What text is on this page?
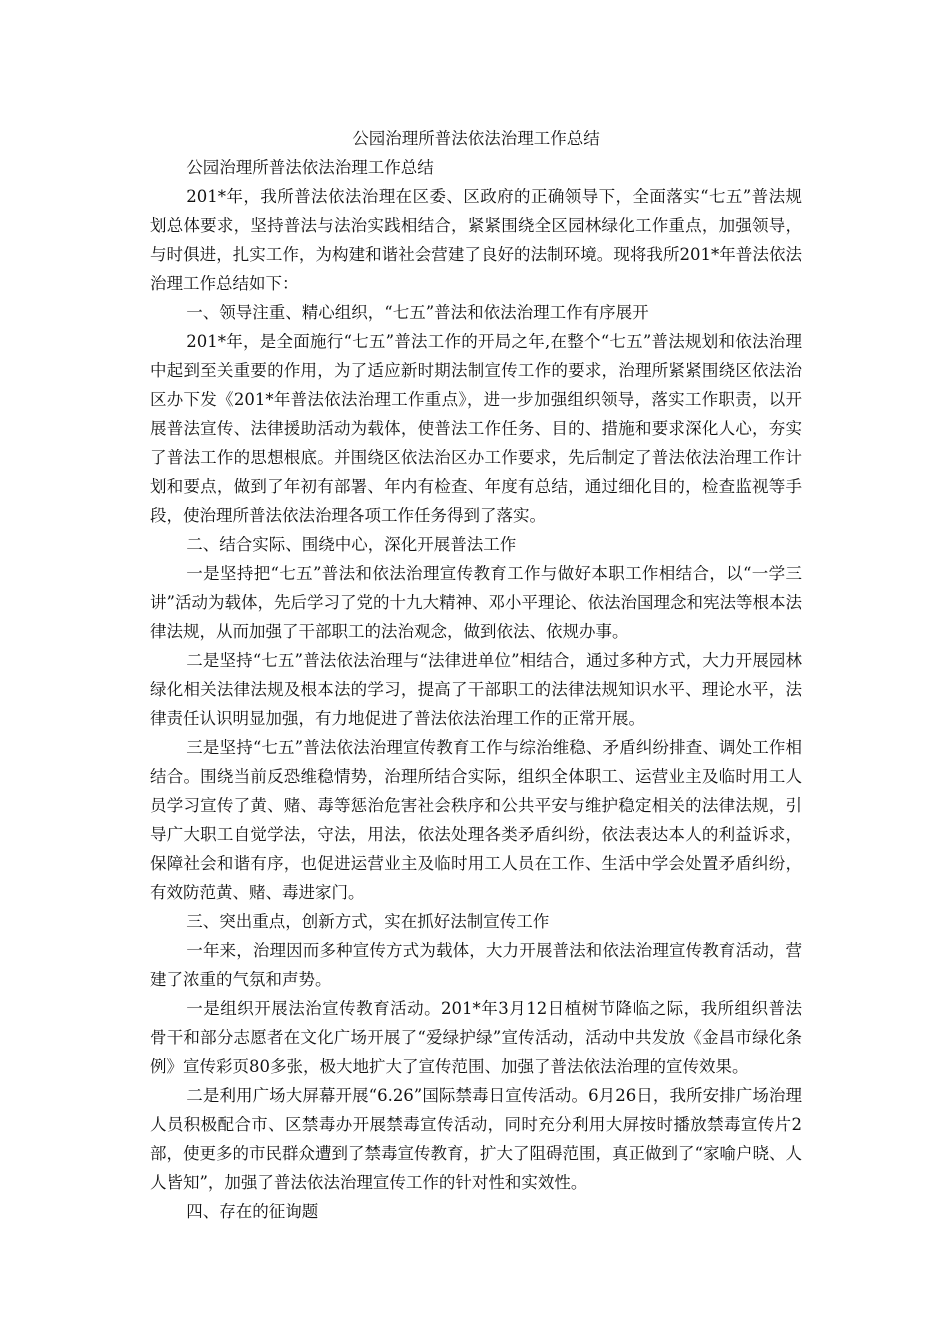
公园治理所普法依法治理工作总结

公园治理所普法依法治理工作总结

201*年，我所普法依法治理在区委、区政府的正确领导下，全面落实“七五”普法规划总体要求，坚持普法与法治实践相结合，紧紧围绕全区园林绿化工作重点，加强领导，与时俱进，扎实工作，为构建和谐社会营建了良好的法制环境。现将我所201*年普法依法治理工作总结如下：

一、领导注重、精心组织，“七五”普法和依法治理工作有序展开

201*年，是全面施行“七五”普法工作的开局之年,在整个“七五”普法规划和依法治理中起到至关重要的作用，为了适应新时期法制宣传工作的要求，治理所紧紧围绕区依法治区办下发《201*年普法依法治理工作重点》，进一步加强组织领导，落实工作职责，以开展普法宣传、法律援助活动为载体，使普法工作任务、目的、措施和要求深化人心，夯实了普法工作的思想根底。并围绕区依法治区办工作要求，先后制定了普法依法治理工作计划和要点，做到了年初有部署、年内有检查、年度有总结，通过细化目的，检查监视等手段，使治理所普法依法治理各项工作任务得到了落实。

二、结合实际、围绕中心，深化开展普法工作

一是坚持把“七五”普法和依法治理宣传教育工作与做好本职工作相结合，以“一学三讲”活动为载体，先后学习了党的十九大精神、邓小平理论、依法治国理念和宪法等根本法律法规，从而加强了干部职工的法治观念，做到依法、依规办事。

二是坚持“七五”普法依法治理与“法律进单位”相结合，通过多种方式，大力开展园林绿化相关法律法规及根本法的学习，提高了干部职工的法律法规知识水平、理论水平，法律责任认识明显加强，有力地促进了普法依法治理工作的正常开展。

三是坚持“七五”普法依法治理宣传教育工作与综治维稳、矛盾纠纷排查、调处工作相结合。围绕当前反恐维稳情势，治理所结合实际，组织全体职工、运营业主及临时用工人员学习宣传了黄、赌、毒等惩治危害社会秩序和公共平安与维护稳定相关的法律法规，引导广大职工自觉学法，守法，用法，依法处理各类矛盾纠纷，依法表达本人的利益诉求，保障社会和谐有序，也促进运营业主及临时用工人员在工作、生活中学会处置矛盾纠纷，有效防范黄、赌、毒进家门。

三、突出重点，创新方式，实在抓好法制宣传工作

一年来，治理因而多种宣传方式为载体，大力开展普法和依法治理宣传教育活动，营建了浓重的气氛和声势。

一是组织开展法治宣传教育活动。201*年3月12日植树节降临之际，我所组织普法骨干和部分志愿者在文化广场开展了“爱绿护绿”宣传活动，活动中共发放《金昌市绿化条例》宣传彩页80多张，极大地扩大了宣传范围、加强了普法依法治理的宣传效果。

二是利用广场大屏幕开展“6.26”国际禁毒日宣传活动。6月26日，我所安排广场治理人员积极配合市、区禁毒办开展禁毒宣传活动，同时充分利用大屏按时播放禁毒宣传片2部，使更多的市民群众遭到了禁毒宣传教育，扩大了阻碍范围，真正做到了“家喻户晓、人人皆知”，加强了普法依法治理宣传工作的针对性和实效性。

四、存在的征询题
